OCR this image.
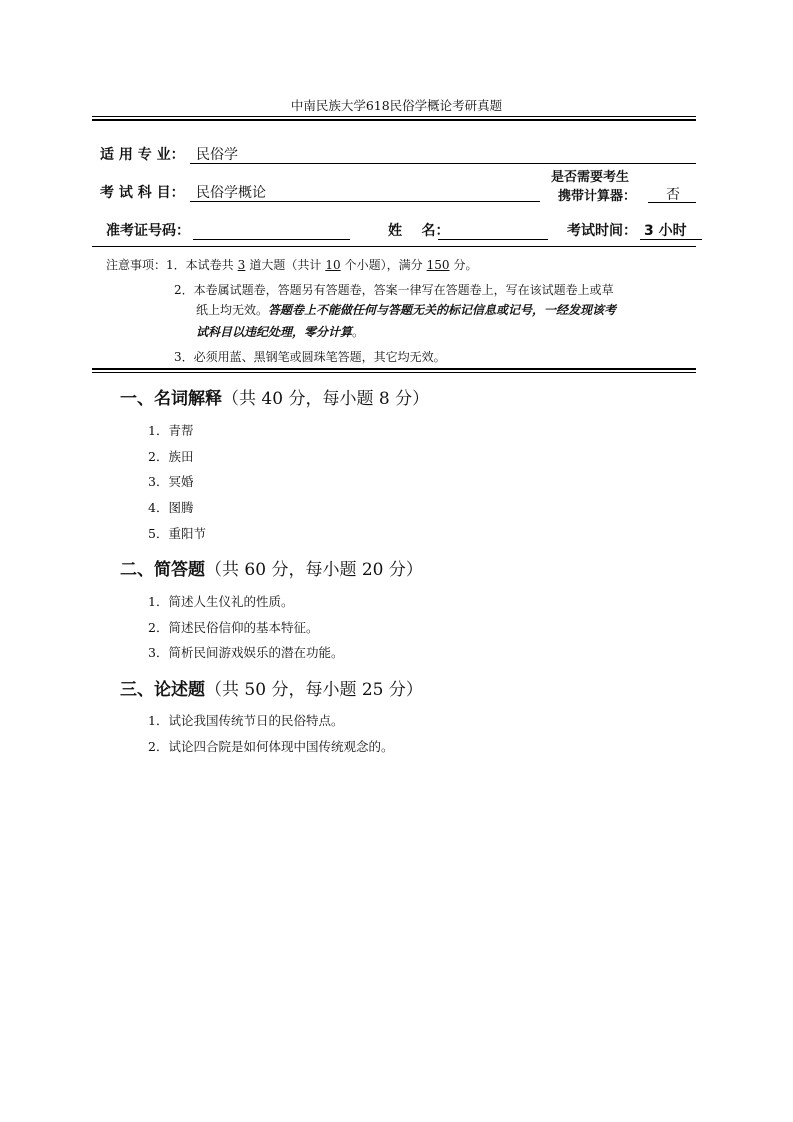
中南民族大学618民俗学概论考研真题
适 用 专 业： 民俗学
考 试 科 目： 民俗学概论
是否需要考生
携带计算器： 否
准考证号码：	姓    名：	考试时间： 3 小时
注意事项：1．本试卷共 3 道大题（共计 10 个小题），满分 150 分。
2．本卷属试题卷，答题另有答题卷，答案一律写在答题卷上，写在该试题卷上或草
纸上均无效。答题卷上不能做任何与答题无关的标记信息或记号，一经发现该考
试科目以违纪处理，零分计算。
3．必须用蓝、黑钢笔或圆珠笔答题，其它均无效。
一、名词解释（共 40 分，每小题 8 分）
1．青帮
2．族田
3．冥婚
4．图腾
5．重阳节
二、简答题（共 60 分，每小题 20 分）
1．简述人生仪礼的性质。
2．简述民俗信仰的基本特征。
3．简析民间游戏娱乐的潜在功能。
三、论述题（共 50 分，每小题 25 分）
1．试论我国传统节日的民俗特点。
2．试论四合院是如何体现中国传统观念的。
